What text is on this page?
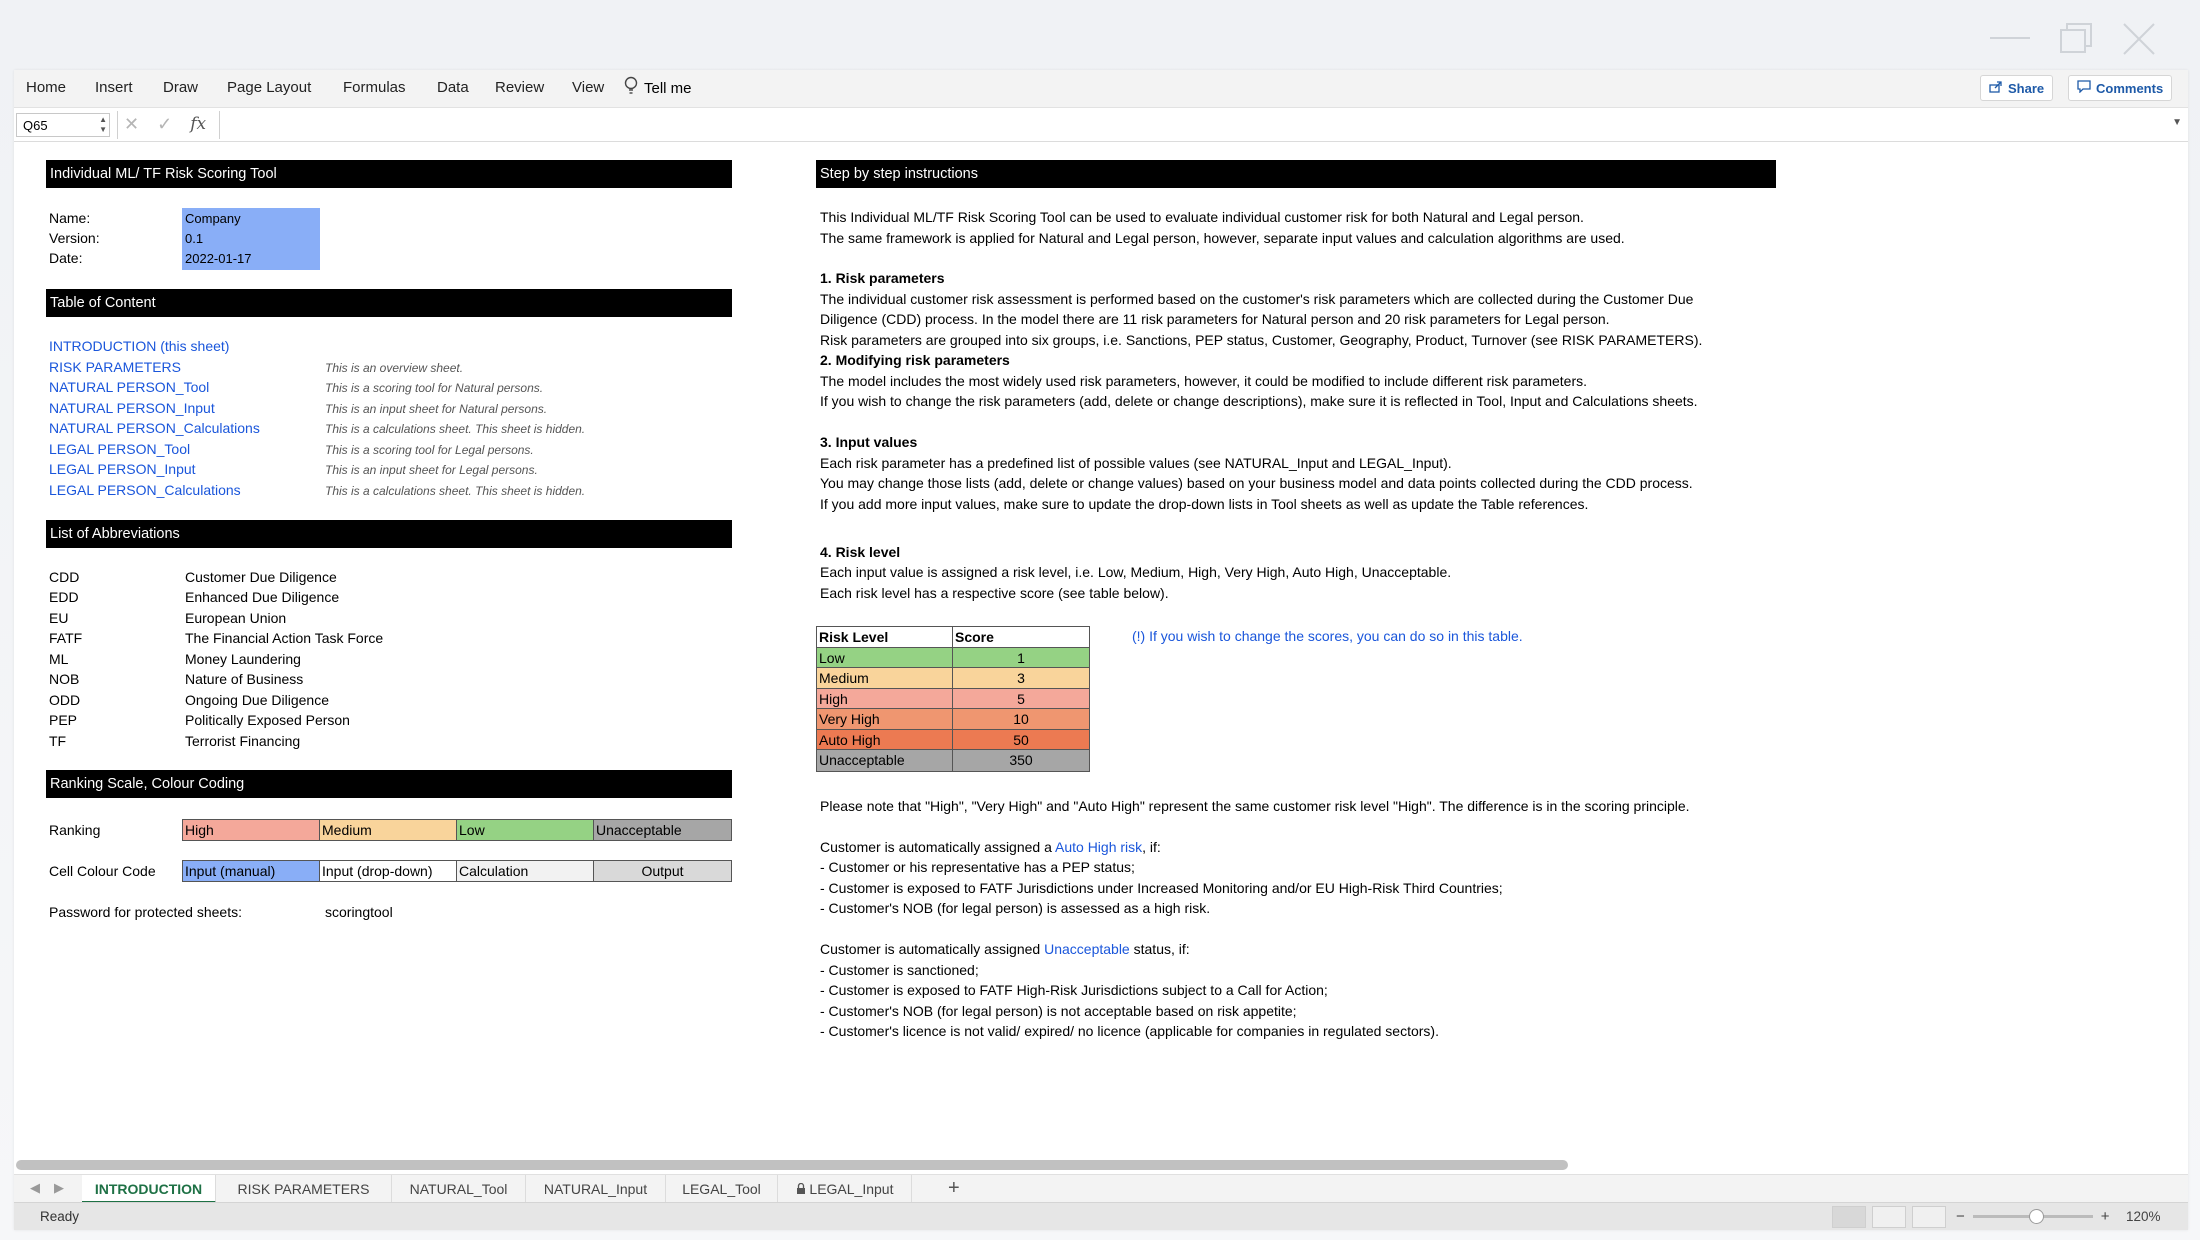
Home Insert Draw Page Layout Formulas Data Review View	Tell me	Share	Comments
Q65	▲
▼ ✕ ✓ fx	▼
Individual ML/ TF Risk Scoring Tool
Name:	Company
Version:	0.1
Date:	2022-01-17
Table of Content
INTRODUCTION (this sheet)
RISK PARAMETERS	This is an overview sheet.
NATURAL PERSON_Tool	This is a scoring tool for Natural persons.
NATURAL PERSON_Input	This is an input sheet for Natural persons.
NATURAL PERSON_Calculations	This is a calculations sheet. This sheet is hidden.
LEGAL PERSON_Tool	This is a scoring tool for Legal persons.
LEGAL PERSON_Input	This is an input sheet for Legal persons.
LEGAL PERSON_Calculations	This is a calculations sheet. This sheet is hidden.
List of Abbreviations
CDD	Customer Due Diligence
EDD	Enhanced Due Diligence
EU	European Union
FATF	The Financial Action Task Force
ML	Money Laundering
NOB	Nature of Business
ODD	Ongoing Due Diligence
PEP	Politically Exposed Person
TF	Terrorist Financing
Ranking Scale, Colour Coding
Ranking	High	Medium	Low	Unacceptable
Cell Colour Code Input (manual)	Input (drop-down)	Calculation	Output
Password for protected sheets:	scoringtool
Step by step instructions
This Individual ML/TF Risk Scoring Tool can be used to evaluate individual customer risk for both Natural and Legal person.
The same framework is applied for Natural and Legal person, however, separate input values and calculation algorithms are used.
1. Risk parameters
The individual customer risk assessment is performed based on the customer's risk parameters which are collected during the Customer Due
Diligence (CDD) process. In the model there are 11 risk parameters for Natural person and 20 risk parameters for Legal person.
Risk parameters are grouped into six groups, i.e. Sanctions, PEP status, Customer, Geography, Product, Turnover (see RISK PARAMETERS).
2. Modifying risk parameters
The model includes the most widely used risk parameters, however, it could be modified to include different risk parameters.
If you wish to change the risk parameters (add, delete or change descriptions), make sure it is reflected in Tool, Input and Calculations sheets.
3. Input values
Each risk parameter has a predefined list of possible values (see NATURAL_Input and LEGAL_Input).
You may change those lists (add, delete or change values) based on your business model and data points collected during the CDD process.
If you add more input values, make sure to update the drop-down lists in Tool sheets as well as update the Table references.
4. Risk level
Each input value is assigned a risk level, i.e. Low, Medium, High, Very High, Auto High, Unacceptable.
Each risk level has a respective score (see table below).
Risk Level	Score
Low	1
Medium	3
High	5
Very High	10
Auto High	50
Unacceptable	350
(!) If you wish to change the scores, you can do so in this table.
Please note that "High", "Very High" and "Auto High" represent the same customer risk level "High". The difference is in the scoring principle.
Customer is automatically assigned a Auto High risk, if:
- Customer or his representative has a PEP status;
- Customer is exposed to FATF Jurisdictions under Increased Monitoring and/or EU High-Risk Third Countries;
- Customer's NOB (for legal person) is assessed as a high risk.
Customer is automatically assigned Unacceptable status, if:
- Customer is sanctioned;
- Customer is exposed to FATF High-Risk Jurisdictions subject to a Call for Action;
- Customer's NOB (for legal person) is not acceptable based on risk appetite;
- Customer's licence is not valid/ expired/ no licence (applicable for companies in regulated sectors).
◀ ▶	INTRODUCTION	RISK PARAMETERS	NATURAL_Tool	NATURAL_Input	LEGAL_Tool	LEGAL_Input	+
Ready	−	+ 120%
